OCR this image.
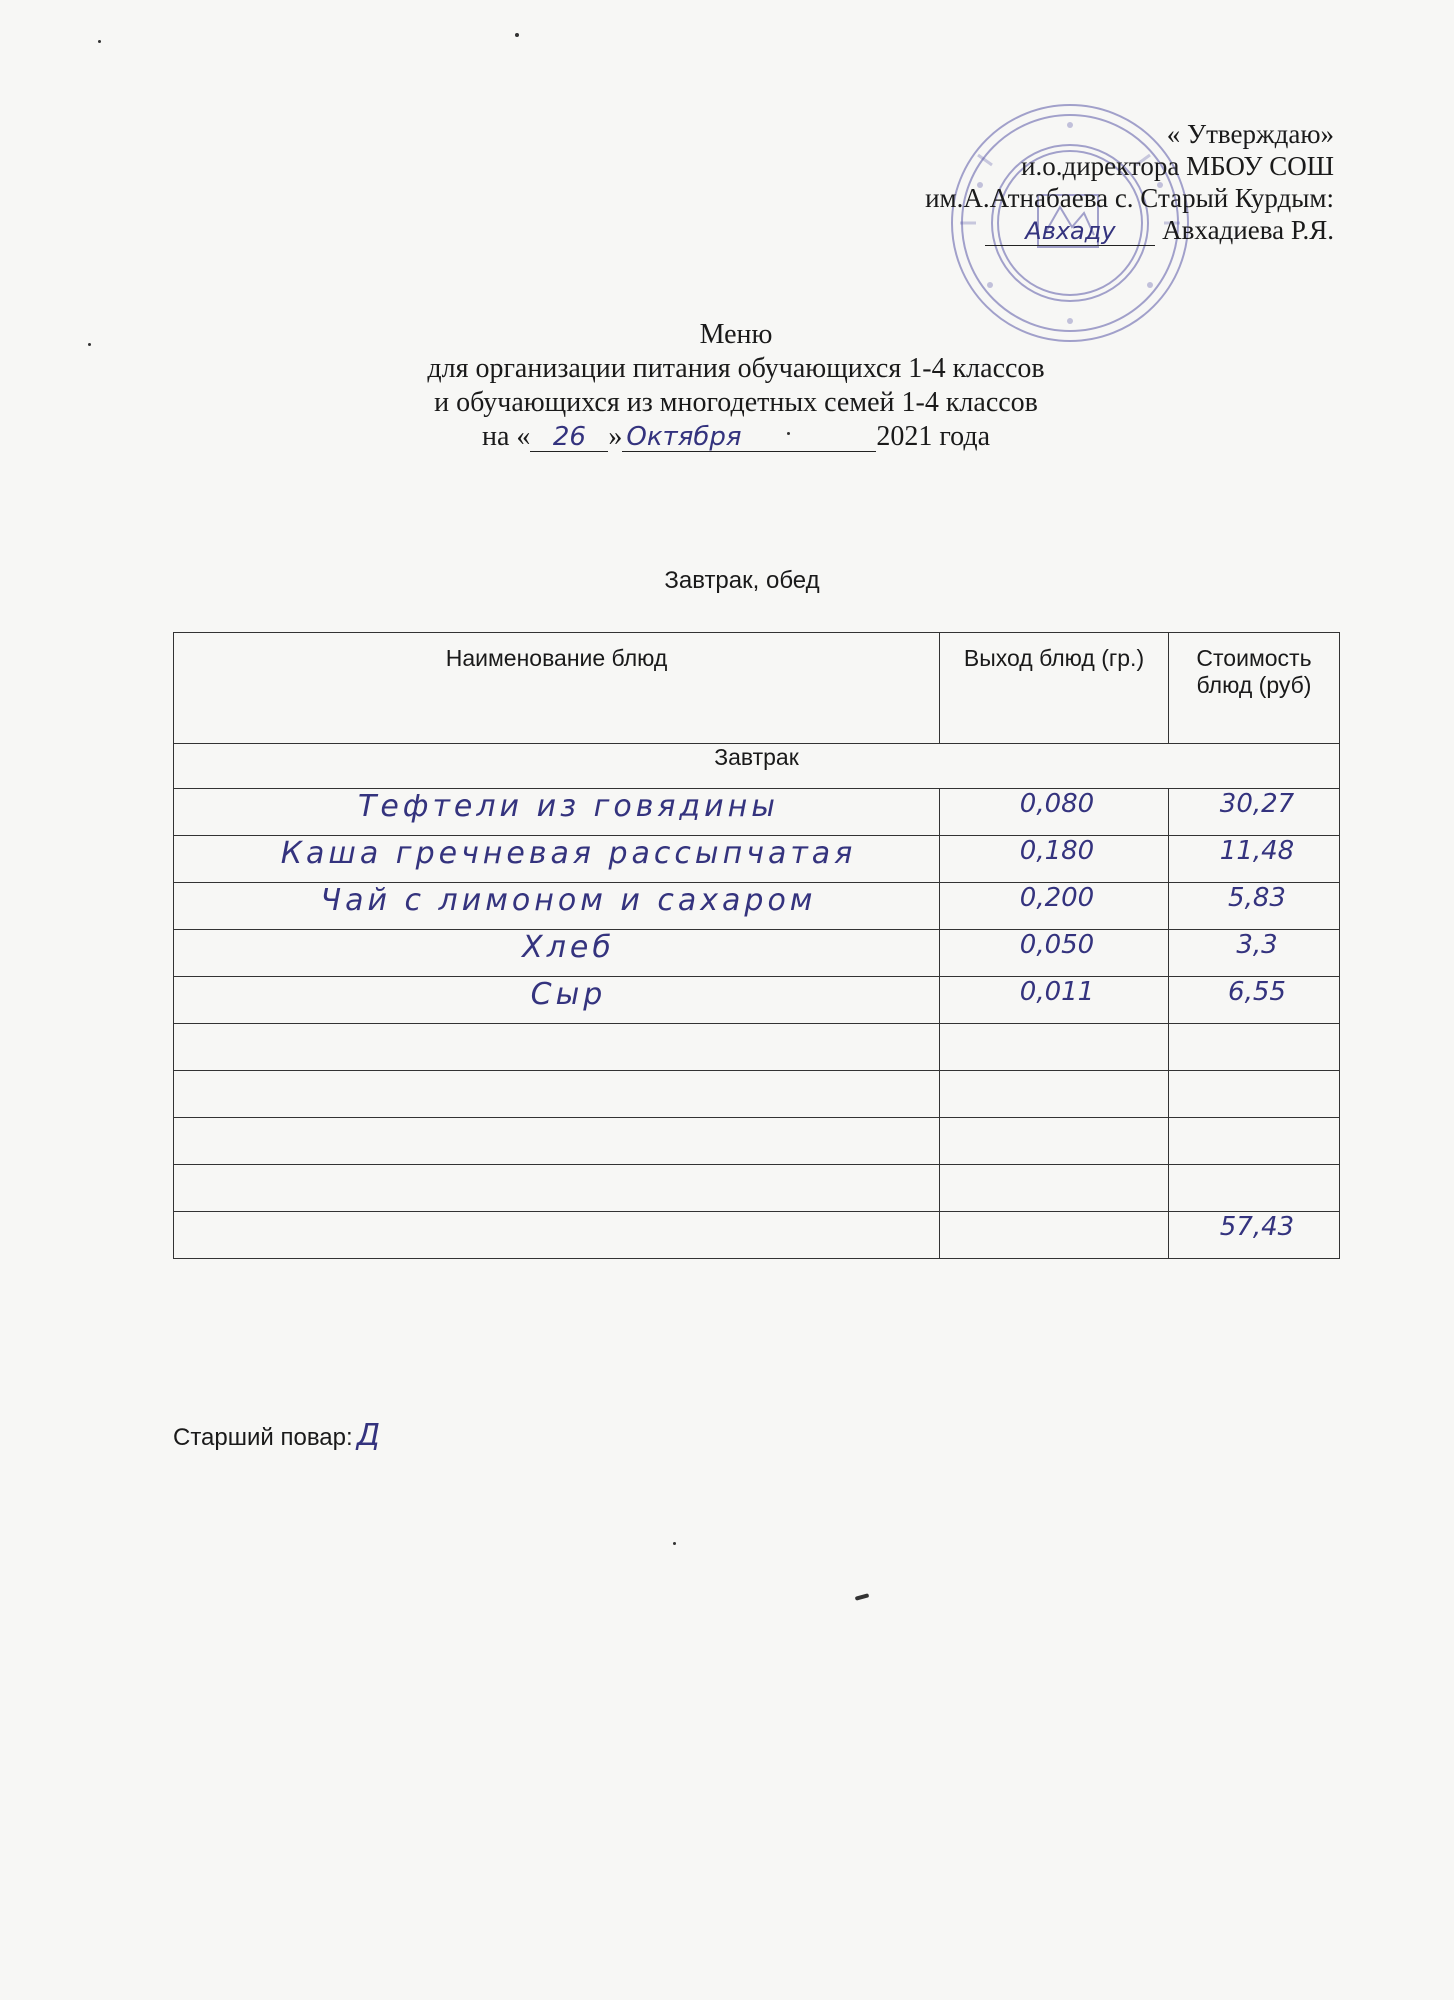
« Утверждаю»
и.о.директора МБОУ СОШ
им.А.Атнабаева с. Старый Курдым:
Авхаду Авхадиева Р.Я.
Меню
для организации питания обучающихся 1-4 классов
и обучающихся из многодетных семей 1-4 классов
на « 26 » Октября	2021 года
Завтрак, обед
Наименование блюд	Выход блюд (гр.)	Стоимость блюд (руб)
Завтрак		
Тефтели из говядины	0,080	30,27
Каша гречневая рассыпчатая	0,180	11,48
Чай с лимоном и сахаром	0,200	5,83
Хлеб	0,050	3,3
Сыр	0,011	6,55

		57,43
Старший повар: Д
